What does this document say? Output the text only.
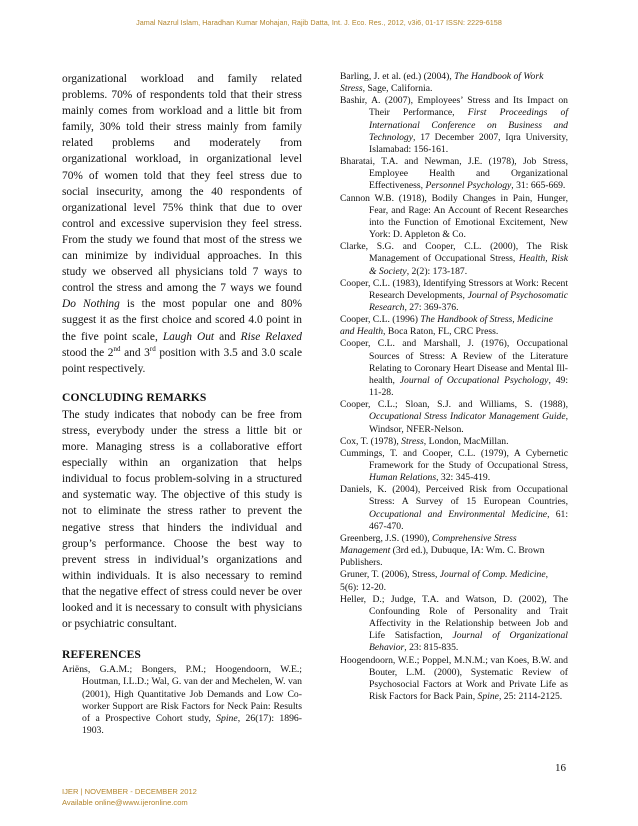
Jamal Nazrul Islam, Haradhan Kumar Mohajan, Rajib Datta, Int. J. Eco. Res., 2012, v3i6, 01-17 ISSN: 2229-6158

organizational workload and family related problems. 70% of respondents told that their stress mainly comes from workload and a little bit from family, 30% told their stress mainly from family related problems and moderately from organizational workload, in organizational level 70% of women told that they feel stress due to social insecurity, among the 40 respondents of organizational level 75% think that due to over control and excessive supervision they feel stress. From the study we found that most of the stress we can minimize by individual approaches. In this study we observed all physicians told 7 ways to control the stress and among the 7 ways we found Do Nothing is the most popular one and 80% suggest it as the first choice and scored 4.0 point in the five point scale, Laugh Out and Rise Relaxed stood the 2nd and 3rd position with 3.5 and 3.0 scale point respectively.

CONCLUDING REMARKS

The study indicates that nobody can be free from stress, everybody under the stress a little bit or more. Managing stress is a collaborative effort especially within an organization that helps individual to focus problem-solving in a structured and systematic way. The objective of this study is not to eliminate the stress rather to prevent the negative stress that hinders the individual and group’s performance. Choose the best way to prevent stress in individual’s organizations and within individuals. It is also necessary to remind that the negative effect of stress could never be over looked and it is necessary to consult with physicians or psychiatric consultant.

REFERENCES

Ariëns, G.A.M.; Bongers, P.M.; Hoogendoorn, W.E.; Houtman, I.L.D.; Wal, G. van der and Mechelen, W. van (2001), High Quantitative Job Demands and Low Co-worker Support are Risk Factors for Neck Pain: Results of a Prospective Cohort study, Spine, 26(17): 1896-1903.

Barling, J. et al. (ed.) (2004), The Handbook of Work Stress, Sage, California.

Bashir, A. (2007), Employees’ Stress and Its Impact on Their Performance, First Proceedings of International Conference on Business and Technology, 17 December 2007, Iqra University, Islamabad: 156-161.

Bharatai, T.A. and Newman, J.E. (1978), Job Stress, Employee Health and Organizational Effectiveness, Personnel Psychology, 31: 665-669.

Cannon W.B. (1918), Bodily Changes in Pain, Hunger, Fear, and Rage: An Account of Recent Researches into the Function of Emotional Excitement, New York: D. Appleton & Co.

Clarke, S.G. and Cooper, C.L. (2000), The Risk Management of Occupational Stress, Health, Risk & Society, 2(2): 173-187.

Cooper, C.L. (1983), Identifying Stressors at Work: Recent Research Developments, Journal of Psychosomatic Research, 27: 369-376.

Cooper, C.L. (1996) The Handbook of Stress, Medicine and Health, Boca Raton, FL, CRC Press.

Cooper, C.L. and Marshall, J. (1976), Occupational Sources of Stress: A Review of the Literature Relating to Coronary Heart Disease and Mental Ill-health, Journal of Occupational Psychology, 49: 11-28.

Cooper, C.L.; Sloan, S.J. and Williams, S. (1988), Occupational Stress Indicator Management Guide, Windsor, NFER-Nelson.

Cox, T. (1978), Stress, London, MacMillan.

Cummings, T. and Cooper, C.L. (1979), A Cybernetic Framework for the Study of Occupational Stress, Human Relations, 32: 345-419.

Daniels, K. (2004), Perceived Risk from Occupational Stress: A Survey of 15 European Countries, Occupational and Environmental Medicine, 61: 467-470.

Greenberg, J.S. (1990), Comprehensive Stress Management (3rd ed.), Dubuque, IA: Wm. C. Brown Publishers.

Gruner, T. (2006), Stress, Journal of Comp. Medicine, 5(6): 12-20.

Heller, D.; Judge, T.A. and Watson, D. (2002), The Confounding Role of Personality and Trait Affectivity in the Relationship between Job and Life Satisfaction, Journal of Organizational Behavior, 23: 815-835.

Hoogendoorn, W.E.; Poppel, M.N.M.; van Koes, B.W. and Bouter, L.M. (2000), Systematic Review of Psychosocial Factors at Work and Private Life as Risk Factors for Back Pain, Spine, 25: 2114-2125.

16
IJER | NOVEMBER - DECEMBER 2012
Available online@www.ijeronline.com
